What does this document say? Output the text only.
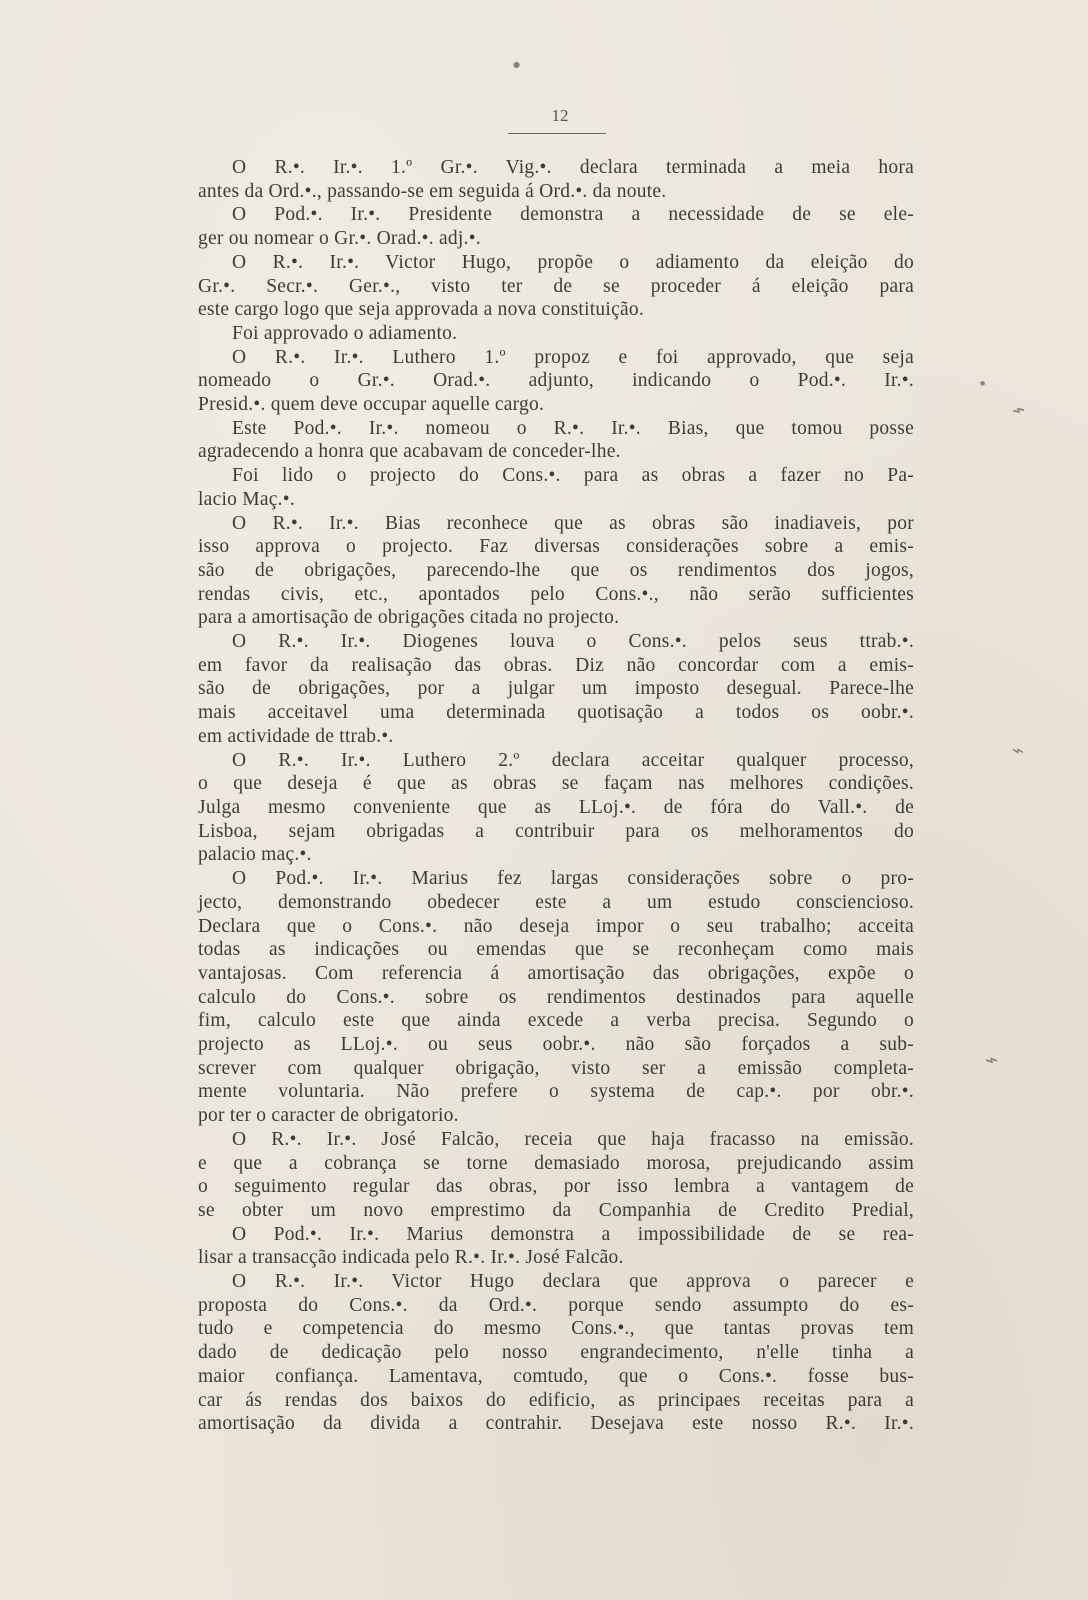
12
O R.•. Ir.•. 1.º Gr.•. Vig.•. declara terminada a meia hora
antes da Ord.•., passando-se em seguida á Ord.•. da noute.
O Pod.•. Ir.•. Presidente demonstra a necessidade de se ele-
ger ou nomear o Gr.•. Orad.•. adj.•.
O R.•. Ir.•. Victor Hugo, propõe o adiamento da eleição do
Gr.•. Secr.•. Ger.•., visto ter de se proceder á eleição para
este cargo logo que seja approvada a nova constituição.
Foi approvado o adiamento.
O R.•. Ir.•. Luthero 1.º propoz e foi approvado, que seja
nomeado o Gr.•. Orad.•. adjunto, indicando o Pod.•. Ir.•.
Presid.•. quem deve occupar aquelle cargo.
Este Pod.•. Ir.•. nomeou o R.•. Ir.•. Bias, que tomou posse
agradecendo a honra que acabavam de conceder-lhe.
Foi lido o projecto do Cons.•. para as obras a fazer no Pa-
lacio Maç.•.
O R.•. Ir.•. Bias reconhece que as obras são inadiaveis, por
isso approva o projecto. Faz diversas considerações sobre a emis-
são de obrigações, parecendo-lhe que os rendimentos dos jogos,
rendas civis, etc., apontados pelo Cons.•., não serão sufficientes
para a amortisação de obrigações citada no projecto.
O R.•. Ir.•. Diogenes louva o Cons.•. pelos seus ttrab.•.
em favor da realisação das obras. Diz não concordar com a emis-
são de obrigações, por a julgar um imposto desegual. Parece-lhe
mais acceitavel uma determinada quotisação a todos os oobr.•.
em actividade de ttrab.•.
O R.•. Ir.•. Luthero 2.º declara acceitar qualquer processo,
o que deseja é que as obras se façam nas melhores condições.
Julga mesmo conveniente que as LLoj.•. de fóra do Vall.•. de
Lisboa, sejam obrigadas a contribuir para os melhoramentos do
palacio maç.•.
O Pod.•. Ir.•. Marius fez largas considerações sobre o pro-
jecto, demonstrando obedecer este a um estudo consciencioso.
Declara que o Cons.•. não deseja impor o seu trabalho; acceita
todas as indicações ou emendas que se reconheçam como mais
vantajosas. Com referencia á amortisação das obrigações, expõe o
calculo do Cons.•. sobre os rendimentos destinados para aquelle
fim, calculo este que ainda excede a verba precisa. Segundo o
projecto as LLoj.•. ou seus oobr.•. não são forçados a sub-
screver com qualquer obrigação, visto ser a emissão completa-
mente voluntaria. Não prefere o systema de cap.•. por obr.•.
por ter o caracter de obrigatorio.
O R.•. Ir.•. José Falcão, receia que haja fracasso na emissão.
e que a cobrança se torne demasiado morosa, prejudicando assim
o seguimento regular das obras, por isso lembra a vantagem de
se obter um novo emprestimo da Companhia de Credito Predial,
O Pod.•. Ir.•. Marius demonstra a impossibilidade de se rea-
lisar a transacção indicada pelo R.•. Ir.•. José Falcão.
O R.•. Ir.•. Victor Hugo declara que approva o parecer e
proposta do Cons.•. da Ord.•. porque sendo assumpto do es-
tudo e competencia do mesmo Cons.•., que tantas provas tem
dado de dedicação pelo nosso engrandecimento, n'elle tinha a
maior confiança. Lamentava, comtudo, que o Cons.•. fosse bus-
car ás rendas dos baixos do edificio, as principaes receitas para a
amortisação da divida a contrahir. Desejava este nosso R.•. Ir.•.
●
⌁
⌁
⌁
●
